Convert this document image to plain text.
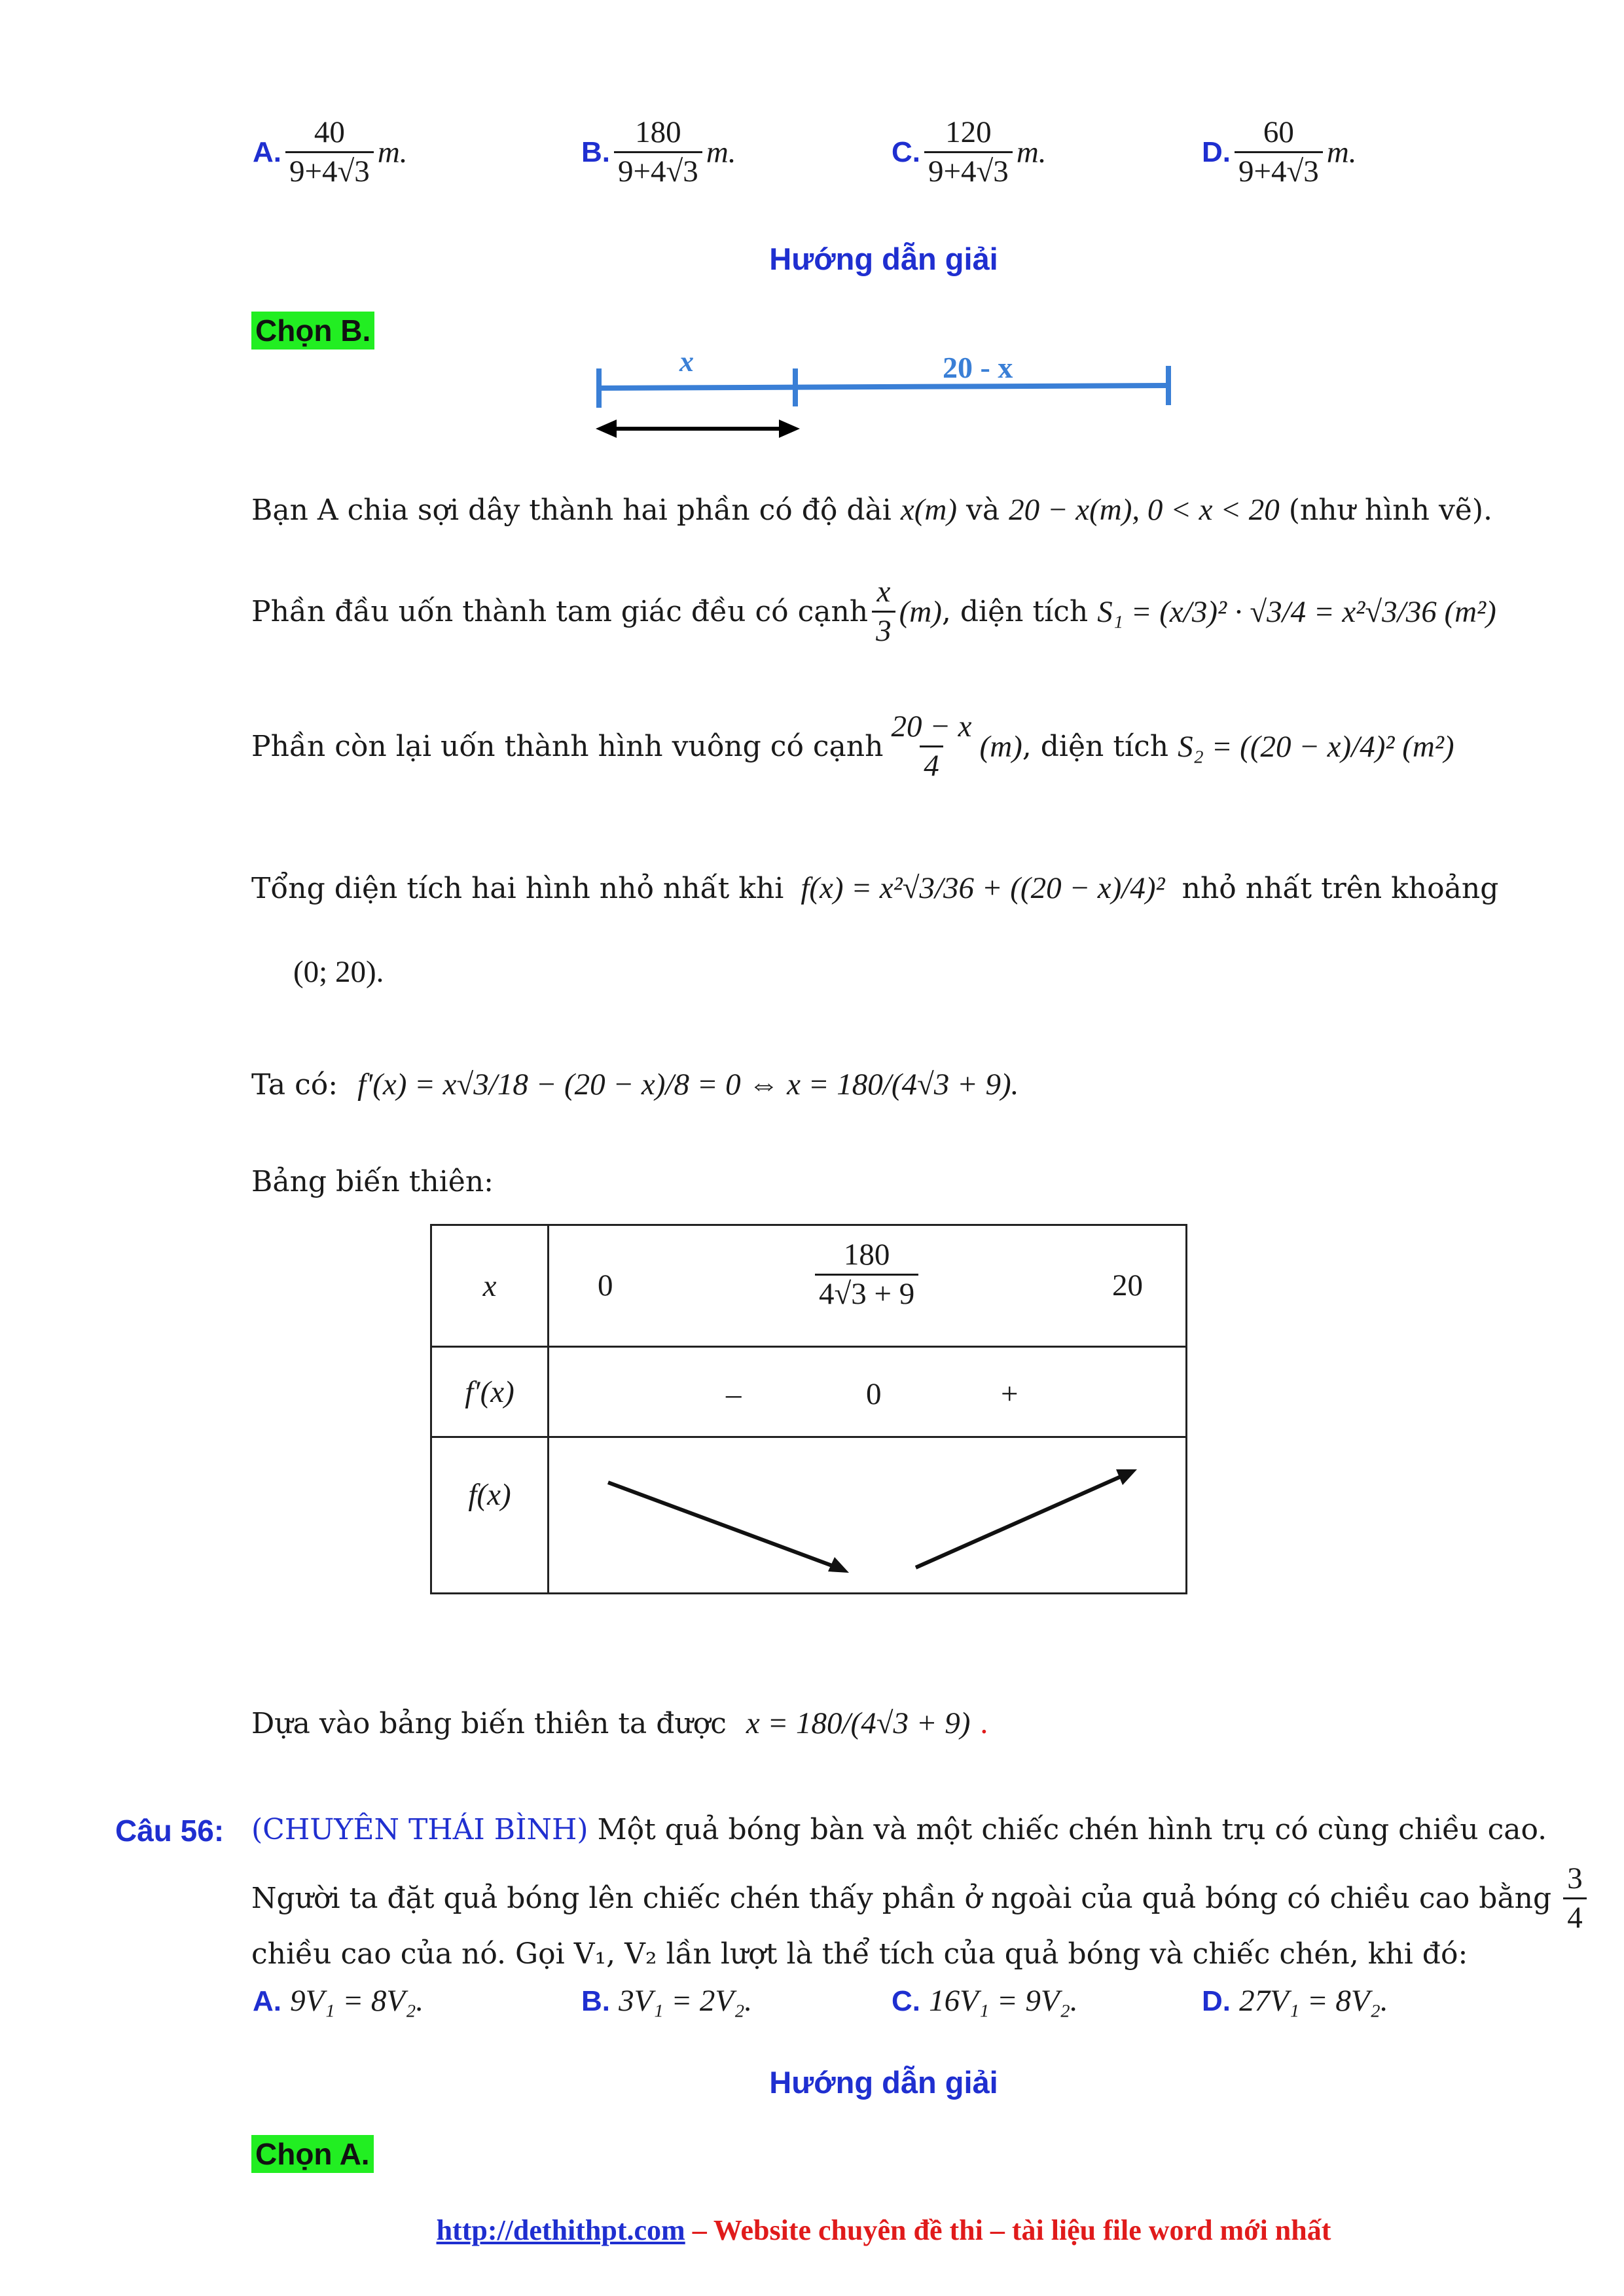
A. $\frac{40}{9+4√3} m$.	B. $\frac{180}{9+4√3} m$.	C. $\frac{120}{9+4√3} m$.	D. $\frac{60}{9+4√3} m$.
Hướng dẫn giải
Chọn B.
x	20 - x
Bạn A chia sợi dây thành hai phần có độ dài x(m) và 20 − x(m), 0 < x < 20 (như hình vẽ).
Phần đầu uốn thành tam giác đều có cạnh $\frac{x}{3} (m)$ , diện tích S₁ = (x/3)² · √3/4 = x²√3/36 (m²)
Phần còn lại uốn thành hình vuông có cạnh $\frac{20 - x}{4} (m)$ , diện tích S₂ = ((20 − x)/4)² (m²)
Tổng diện tích hai hình nhỏ nhất khi f(x) = x²√3/36 + ((20 − x)/4)² nhỏ nhất trên khoảng
(0; 20).
Ta có: f'(x) = x√3/18 − (20 − x)/8 = 0 ⇔ x = 180/(4√3 + 9).
Bảng biến thiên:
x	$0 \frac{180}{4√3 + 9} 20$

f′(x)	– 0 +

f(x)	
Dựa vào bảng biến thiên ta được x = 180/(4√3 + 9) .
Câu 56: (CHUYÊN THÁI BÌNH) Một quả bóng bàn và một chiếc chén hình trụ có cùng chiều cao.
Người ta đặt quả bóng lên chiếc chén thấy phần ở ngoài của quả bóng có chiều cao bằng $\frac{3}{4}$
chiều cao của nó. Gọi V₁, V₂ lần lượt là thể tích của quả bóng và chiếc chén, khi đó:
A. 9V₁ = 8V₂.	B. 3V₁ = 2V₂.	C. 16V₁ = 9V₂.	D. 27V₁ = 8V₂.
Hướng dẫn giải
Chọn A.
http://dethithpt.com – Website chuyên đề thi – tài liệu file word mới nhất
